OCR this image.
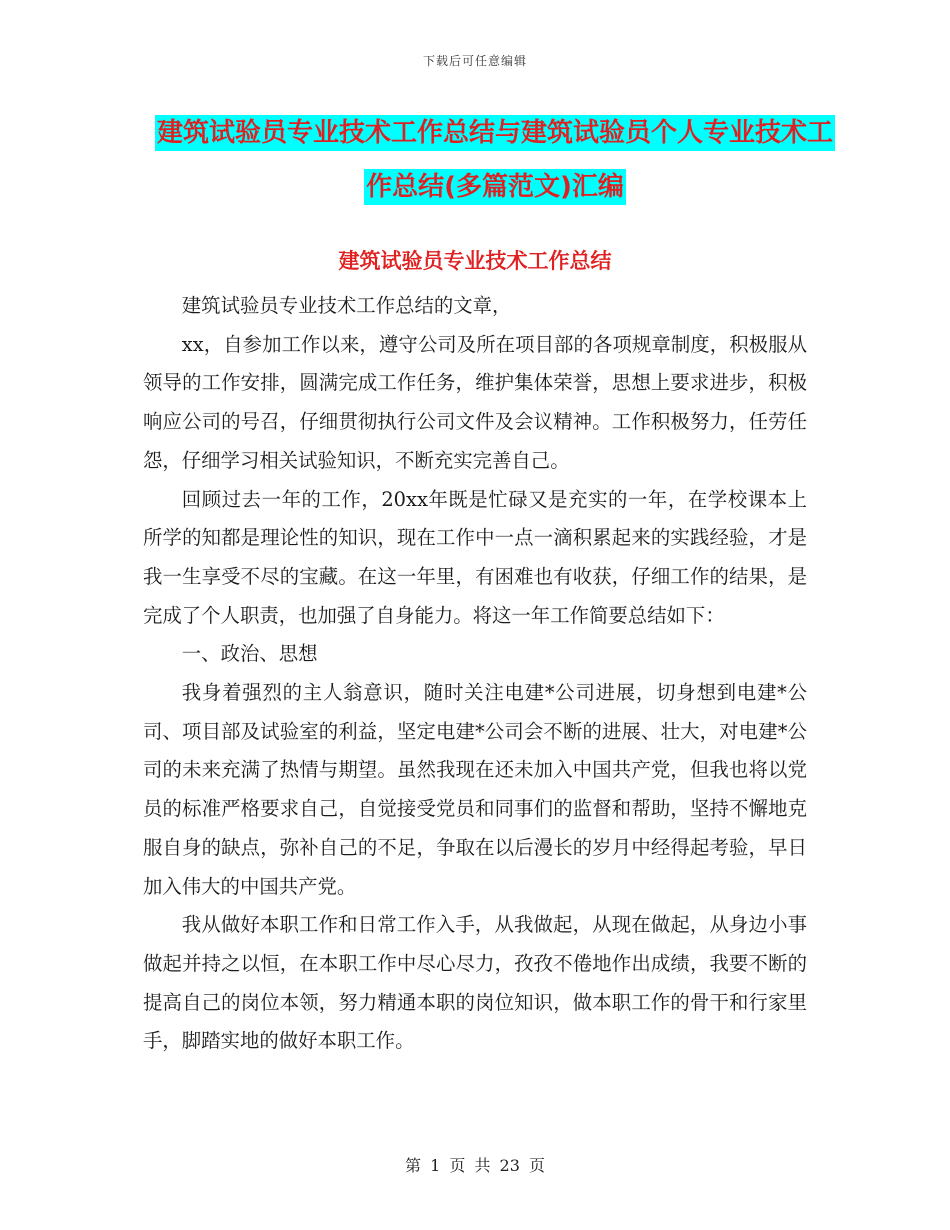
下载后可任意编辑
建筑试验员专业技术工作总结与建筑试验员个人专业技术工作总结(多篇范文)汇编
建筑试验员专业技术工作总结

建筑试验员专业技术工作总结的文章，

xx，自参加工作以来，遵守公司及所在项目部的各项规章制度，积极服从领导的工作安排，圆满完成工作任务，维护集体荣誉，思想上要求进步，积极响应公司的号召，仔细贯彻执行公司文件及会议精神。工作积极努力，任劳任怨，仔细学习相关试验知识，不断充实完善自己。

回顾过去一年的工作，20xx年既是忙碌又是充实的一年，在学校课本上所学的知都是理论性的知识，现在工作中一点一滴积累起来的实践经验，才是我一生享受不尽的宝藏。在这一年里，有困难也有收获，仔细工作的结果，是完成了个人职责，也加强了自身能力。将这一年工作简要总结如下：

一、政治、思想

我身着强烈的主人翁意识，随时关注电建*公司进展，切身想到电建*公司、项目部及试验室的利益，坚定电建*公司会不断的进展、壮大，对电建*公司的未来充满了热情与期望。虽然我现在还未加入中国共产党，但我也将以党员的标准严格要求自己，自觉接受党员和同事们的监督和帮助，坚持不懈地克服自身的缺点，弥补自己的不足，争取在以后漫长的岁月中经得起考验，早日加入伟大的中国共产党。

我从做好本职工作和日常工作入手，从我做起，从现在做起，从身边小事做起并持之以恒，在本职工作中尽心尽力，孜孜不倦地作出成绩，我要不断的提高自己的岗位本领，努力精通本职的岗位知识，做本职工作的骨干和行家里手，脚踏实地的做好本职工作。

第 1 页 共 23 页
